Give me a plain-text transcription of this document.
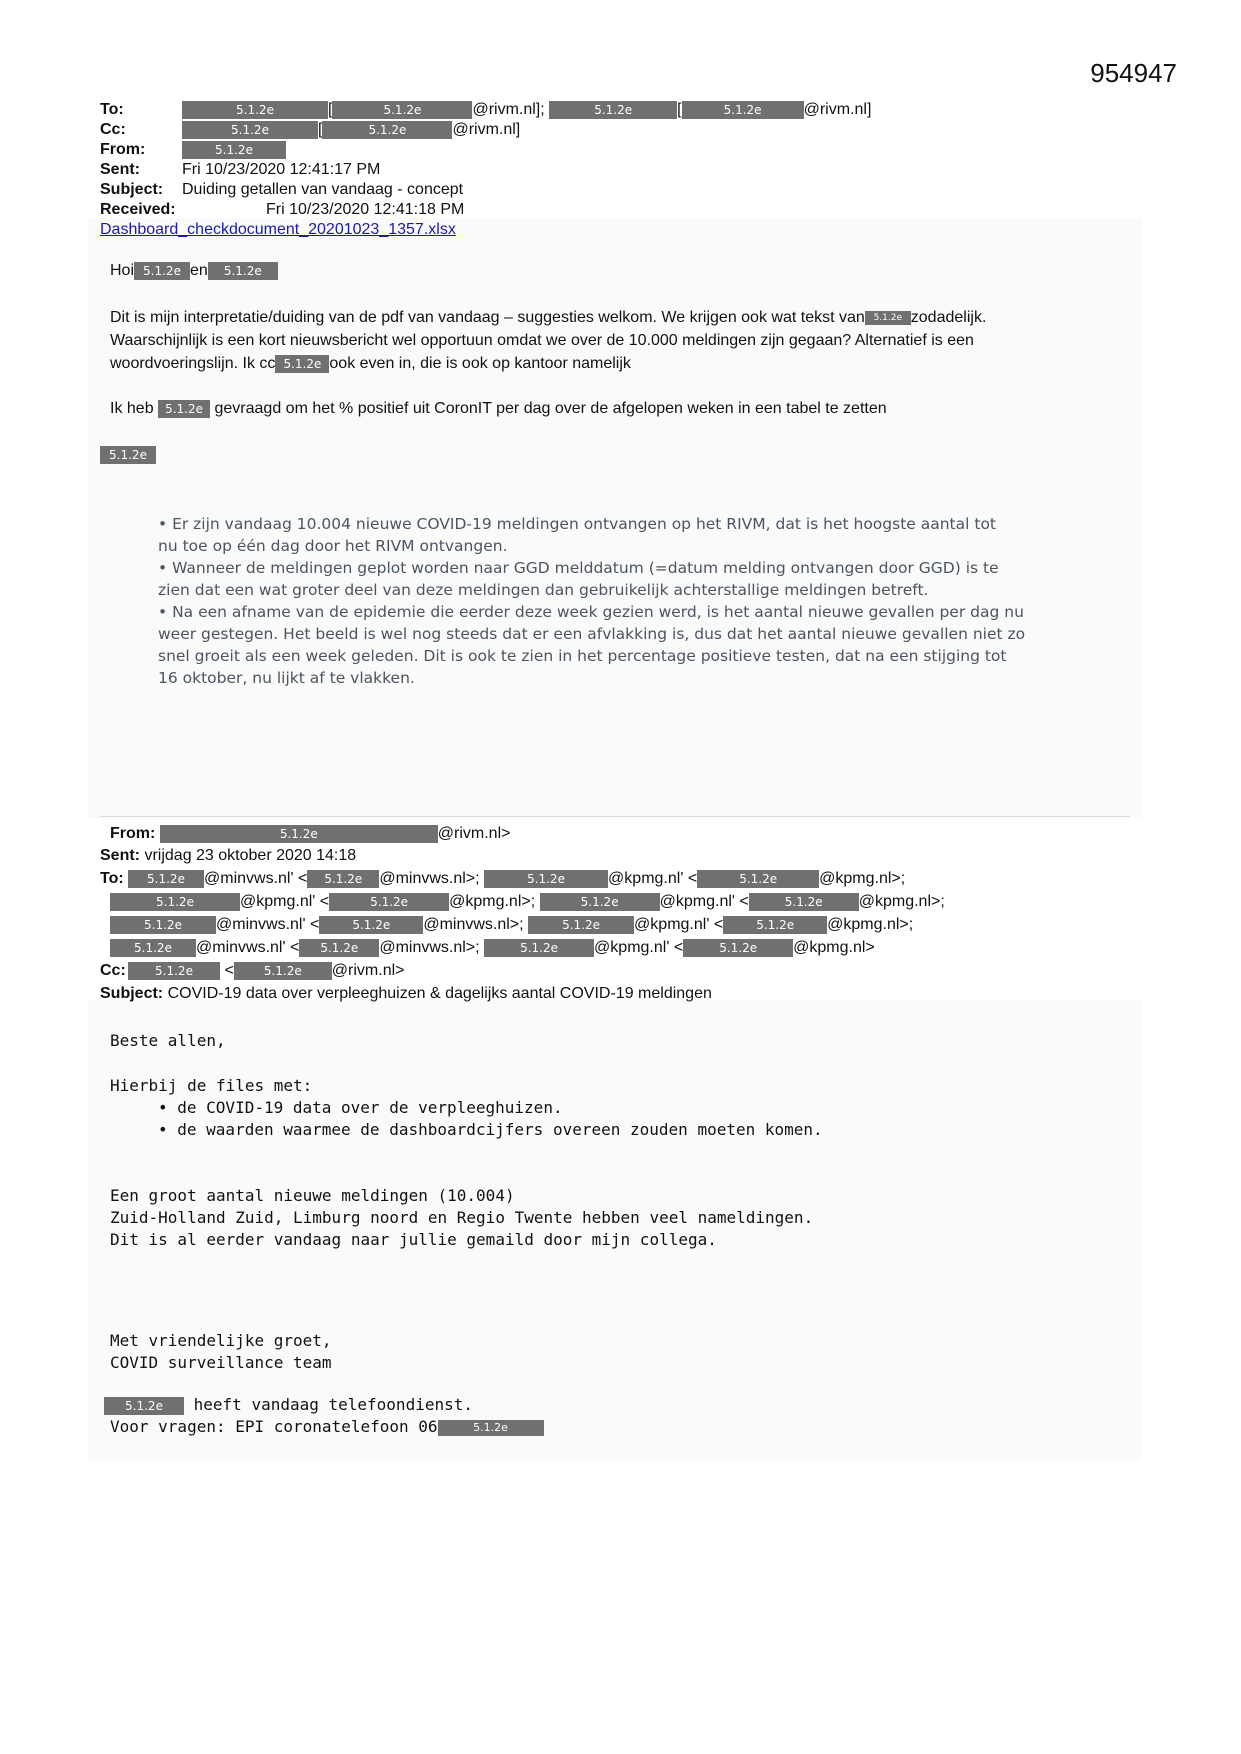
954947
To:	5.1.2e	[	5.1.2e	@rivm.nl];	5.1.2e	[	5.1.2e	@rivm.nl]
Cc:	5.1.2e	[	5.1.2e	@rivm.nl]
From:	5.1.2e
Sent:	Fri 10/23/2020 12:41:17 PM
Subject: Duiding getallen van vandaag - concept
Received:	Fri 10/23/2020 12:41:18 PM
Dashboard_checkdocument_20201023_1357.xlsx
Hoi 5.1.2e en 5.1.2e
Dit is mijn interpretatie/duiding van de pdf van vandaag – suggesties welkom. We krijgen ook wat tekst van 5.1.2e zodadelijk.
Waarschijnlijk is een kort nieuwsbericht wel opportuun omdat we over de 10.000 meldingen zijn gegaan? Alternatief is een
woordvoeringslijn. Ik cc 5.1.2e ook even in, die is ook op kantoor namelijk
Ik heb 5.1.2e gevraagd om het % positief uit CoronIT per dag over de afgelopen weken in een tabel te zetten
5.1.2e
• Er zijn vandaag 10.004 nieuwe COVID-19 meldingen ontvangen op het RIVM, dat is het hoogste aantal tot
nu toe op één dag door het RIVM ontvangen.
• Wanneer de meldingen geplot worden naar GGD melddatum (=datum melding ontvangen door GGD) is te
zien dat een wat groter deel van deze meldingen dan gebruikelijk achterstallige meldingen betreft.
• Na een afname van de epidemie die eerder deze week gezien werd, is het aantal nieuwe gevallen per dag nu
weer gestegen. Het beeld is wel nog steeds dat er een afvlakking is, dus dat het aantal nieuwe gevallen niet zo
snel groeit als een week geleden. Dit is ook te zien in het percentage positieve testen, dat na een stijging tot
16 oktober, nu lijkt af te vlakken.
From:	5.1.2e	@rivm.nl>
Sent: vrijdag 23 oktober 2020 14:18
To: 5.1.2e @minvws.nl' < 5.1.2e @minvws.nl>;	5.1.2e	@kpmg.nl' <	5.1.2e	@kpmg.nl>;
5.1.2e	@kpmg.nl' <	5.1.2e	@kpmg.nl>;	5.1.2e	@kpmg.nl' <	5.1.2e @kpmg.nl>;
5.1.2e @minvws.nl' <	5.1.2e @minvws.nl>;	5.1.2e @kpmg.nl' <	5.1.2e @kpmg.nl>;
5.1.2e @minvws.nl' < 5.1.2e @minvws.nl>;	5.1.2e @kpmg.nl' <	5.1.2e @kpmg.nl>
Cc: 5.1.2e <	5.1.2e @rivm.nl>
Subject: COVID-19 data over verpleeghuizen & dagelijks aantal COVID-19 meldingen
Beste allen,
Hierbij de files met:
• de COVID-19 data over de verpleeghuizen.
• de waarden waarmee de dashboardcijfers overeen zouden moeten komen.
Een groot aantal nieuwe meldingen (10.004)
Zuid-Holland Zuid, Limburg noord en Regio Twente hebben veel nameldingen.
Dit is al eerder vandaag naar jullie gemaild door mijn collega.
Met vriendelijke groet,
COVID surveillance team
5.1.2e heeft vandaag telefoondienst.
Voor vragen: EPI coronatelefoon 06	5.1.2e
